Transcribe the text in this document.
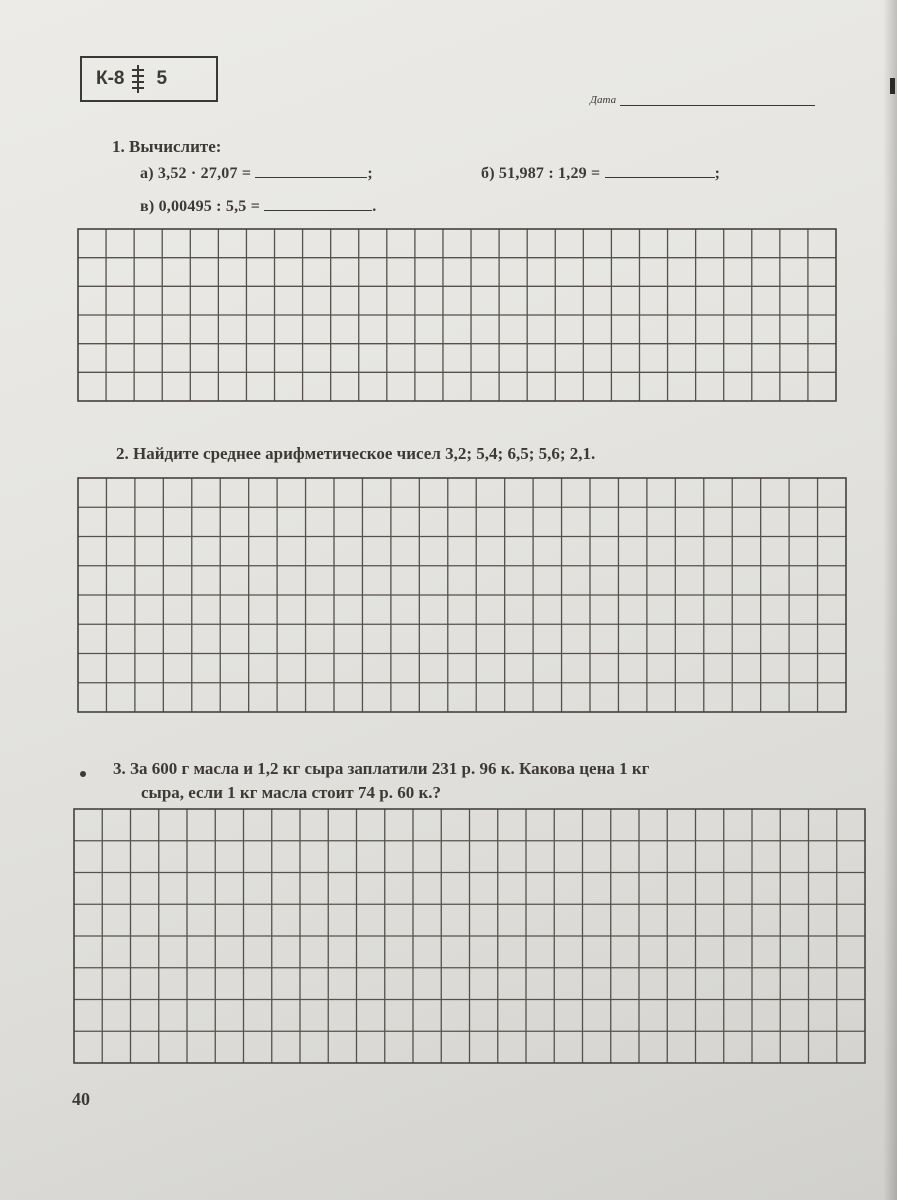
К-8 5
Дата
1. Вычислите:
а) 3,52 · 27,07 =	;	б) 51,987 : 1,29 =	;
в) 0,00495 : 5,5 =	.
2. Найдите среднее арифметическое чисел 3,2; 5,4; 6,5; 5,6; 2,1.
3. За 600 г масла и 1,2 кг сыра заплатили 231 р. 96 к. Какова цена 1 кг
сыра, если 1 кг масла стоит 74 р. 60 к.?
40
